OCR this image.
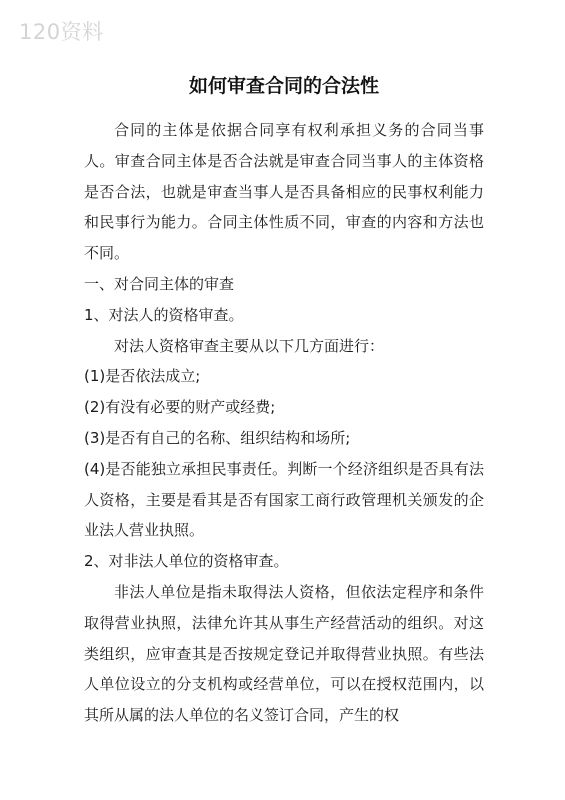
120资料
如何审查合同的合法性

合同的主体是依据合同享有权利承担义务的合同当事人。审查合同主体是否合法就是审查合同当事人的主体资格是否合法，也就是审查当事人是否具备相应的民事权利能力和民事行为能力。合同主体性质不同，审查的内容和方法也不同。

一、对合同主体的审查

1、对法人的资格审查。

对法人资格审查主要从以下几方面进行：

(1)是否依法成立;

(2)有没有必要的财产或经费;

(3)是否有自己的名称、组织结构和场所;

(4)是否能独立承担民事责任。判断一个经济组织是否具有法人资格，主要是看其是否有国家工商行政管理机关颁发的企业法人营业执照。

2、对非法人单位的资格审查。

非法人单位是指未取得法人资格，但依法定程序和条件取得营业执照，法律允许其从事生产经营活动的组织。对这类组织，应审查其是否按规定登记并取得营业执照。有些法人单位设立的分支机构或经营单位，可以在授权范围内，以其所从属的法人单位的名义签订合同，产生的权
